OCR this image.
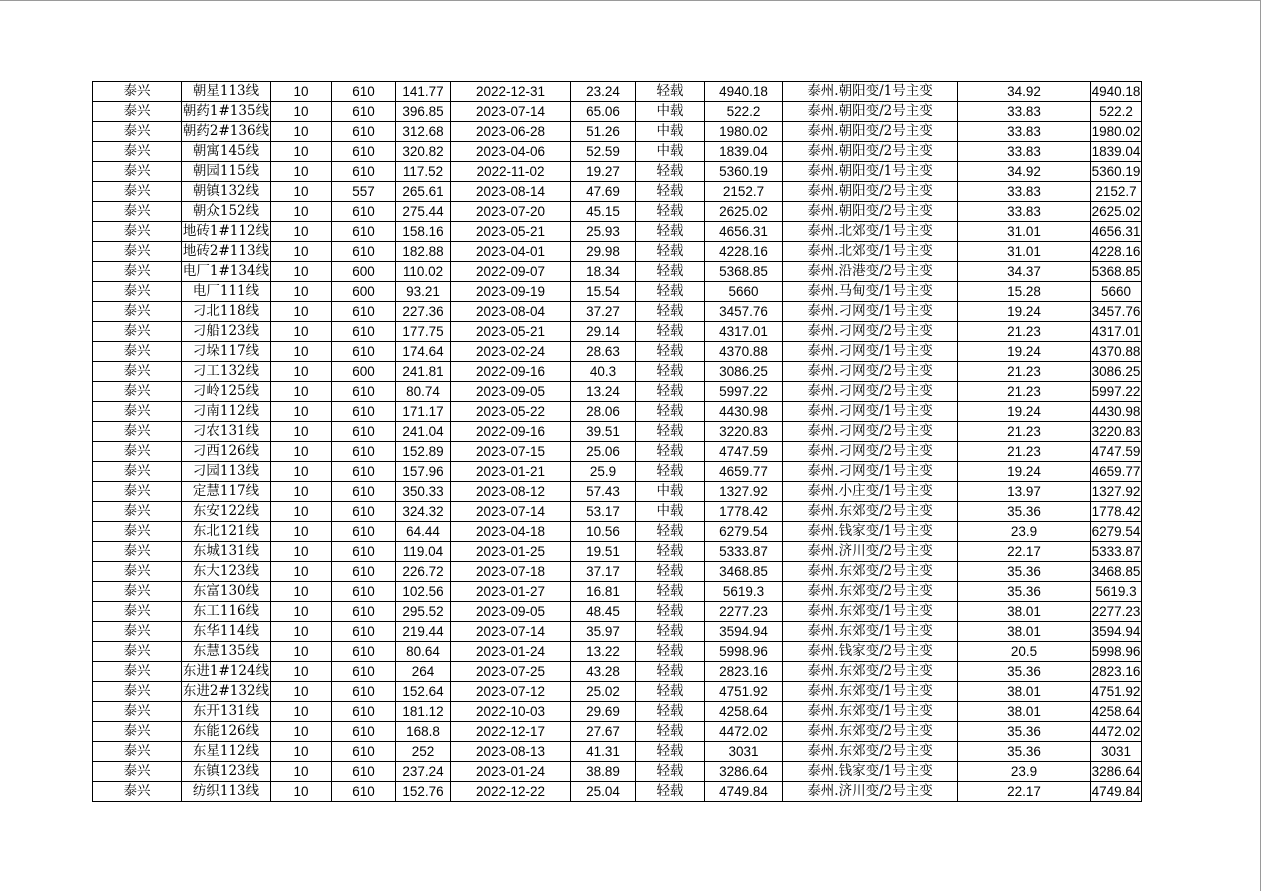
泰兴	朝星113线	10	610	141.77	2022-12-31	23.24	轻载	4940.18	泰州.朝阳变/1号主变	34.92	4940.18
泰兴	朝药1#135线	10	610	396.85	2023-07-14	65.06	中载	522.2	泰州.朝阳变/2号主变	33.83	522.2
泰兴	朝药2#136线	10	610	312.68	2023-06-28	51.26	中载	1980.02	泰州.朝阳变/2号主变	33.83	1980.02
泰兴	朝寓145线	10	610	320.82	2023-04-06	52.59	中载	1839.04	泰州.朝阳变/2号主变	33.83	1839.04
泰兴	朝园115线	10	610	117.52	2022-11-02	19.27	轻载	5360.19	泰州.朝阳变/1号主变	34.92	5360.19
泰兴	朝镇132线	10	557	265.61	2023-08-14	47.69	轻载	2152.7	泰州.朝阳变/2号主变	33.83	2152.7
泰兴	朝众152线	10	610	275.44	2023-07-20	45.15	轻载	2625.02	泰州.朝阳变/2号主变	33.83	2625.02
泰兴	地砖1#112线	10	610	158.16	2023-05-21	25.93	轻载	4656.31	泰州.北郊变/1号主变	31.01	4656.31
泰兴	地砖2#113线	10	610	182.88	2023-04-01	29.98	轻载	4228.16	泰州.北郊变/1号主变	31.01	4228.16
泰兴	电厂1#134线	10	600	110.02	2022-09-07	18.34	轻载	5368.85	泰州.沿港变/2号主变	34.37	5368.85
泰兴	电厂111线	10	600	93.21	2023-09-19	15.54	轻载	5660	泰州.马甸变/1号主变	15.28	5660
泰兴	刁北118线	10	610	227.36	2023-08-04	37.27	轻载	3457.76	泰州.刁网变/1号主变	19.24	3457.76
泰兴	刁船123线	10	610	177.75	2023-05-21	29.14	轻载	4317.01	泰州.刁网变/2号主变	21.23	4317.01
泰兴	刁垛117线	10	610	174.64	2023-02-24	28.63	轻载	4370.88	泰州.刁网变/1号主变	19.24	4370.88
泰兴	刁工132线	10	600	241.81	2022-09-16	40.3	轻载	3086.25	泰州.刁网变/2号主变	21.23	3086.25
泰兴	刁岭125线	10	610	80.74	2023-09-05	13.24	轻载	5997.22	泰州.刁网变/2号主变	21.23	5997.22
泰兴	刁南112线	10	610	171.17	2023-05-22	28.06	轻载	4430.98	泰州.刁网变/1号主变	19.24	4430.98
泰兴	刁农131线	10	610	241.04	2022-09-16	39.51	轻载	3220.83	泰州.刁网变/2号主变	21.23	3220.83
泰兴	刁西126线	10	610	152.89	2023-07-15	25.06	轻载	4747.59	泰州.刁网变/2号主变	21.23	4747.59
泰兴	刁园113线	10	610	157.96	2023-01-21	25.9	轻载	4659.77	泰州.刁网变/1号主变	19.24	4659.77
泰兴	定慧117线	10	610	350.33	2023-08-12	57.43	中载	1327.92	泰州.小庄变/1号主变	13.97	1327.92
泰兴	东安122线	10	610	324.32	2023-07-14	53.17	中载	1778.42	泰州.东郊变/2号主变	35.36	1778.42
泰兴	东北121线	10	610	64.44	2023-04-18	10.56	轻载	6279.54	泰州.钱家变/1号主变	23.9	6279.54
泰兴	东城131线	10	610	119.04	2023-01-25	19.51	轻载	5333.87	泰州.济川变/2号主变	22.17	5333.87
泰兴	东大123线	10	610	226.72	2023-07-18	37.17	轻载	3468.85	泰州.东郊变/2号主变	35.36	3468.85
泰兴	东富130线	10	610	102.56	2023-01-27	16.81	轻载	5619.3	泰州.东郊变/2号主变	35.36	5619.3
泰兴	东工116线	10	610	295.52	2023-09-05	48.45	轻载	2277.23	泰州.东郊变/1号主变	38.01	2277.23
泰兴	东华114线	10	610	219.44	2023-07-14	35.97	轻载	3594.94	泰州.东郊变/1号主变	38.01	3594.94
泰兴	东慧135线	10	610	80.64	2023-01-24	13.22	轻载	5998.96	泰州.钱家变/2号主变	20.5	5998.96
泰兴	东进1#124线	10	610	264	2023-07-25	43.28	轻载	2823.16	泰州.东郊变/2号主变	35.36	2823.16
泰兴	东进2#132线	10	610	152.64	2023-07-12	25.02	轻载	4751.92	泰州.东郊变/1号主变	38.01	4751.92
泰兴	东开131线	10	610	181.12	2022-10-03	29.69	轻载	4258.64	泰州.东郊变/1号主变	38.01	4258.64
泰兴	东能126线	10	610	168.8	2022-12-17	27.67	轻载	4472.02	泰州.东郊变/2号主变	35.36	4472.02
泰兴	东星112线	10	610	252	2023-08-13	41.31	轻载	3031	泰州.东郊变/2号主变	35.36	3031
泰兴	东镇123线	10	610	237.24	2023-01-24	38.89	轻载	3286.64	泰州.钱家变/1号主变	23.9	3286.64
泰兴	纺织113线	10	610	152.76	2022-12-22	25.04	轻载	4749.84	泰州.济川变/2号主变	22.17	4749.84
